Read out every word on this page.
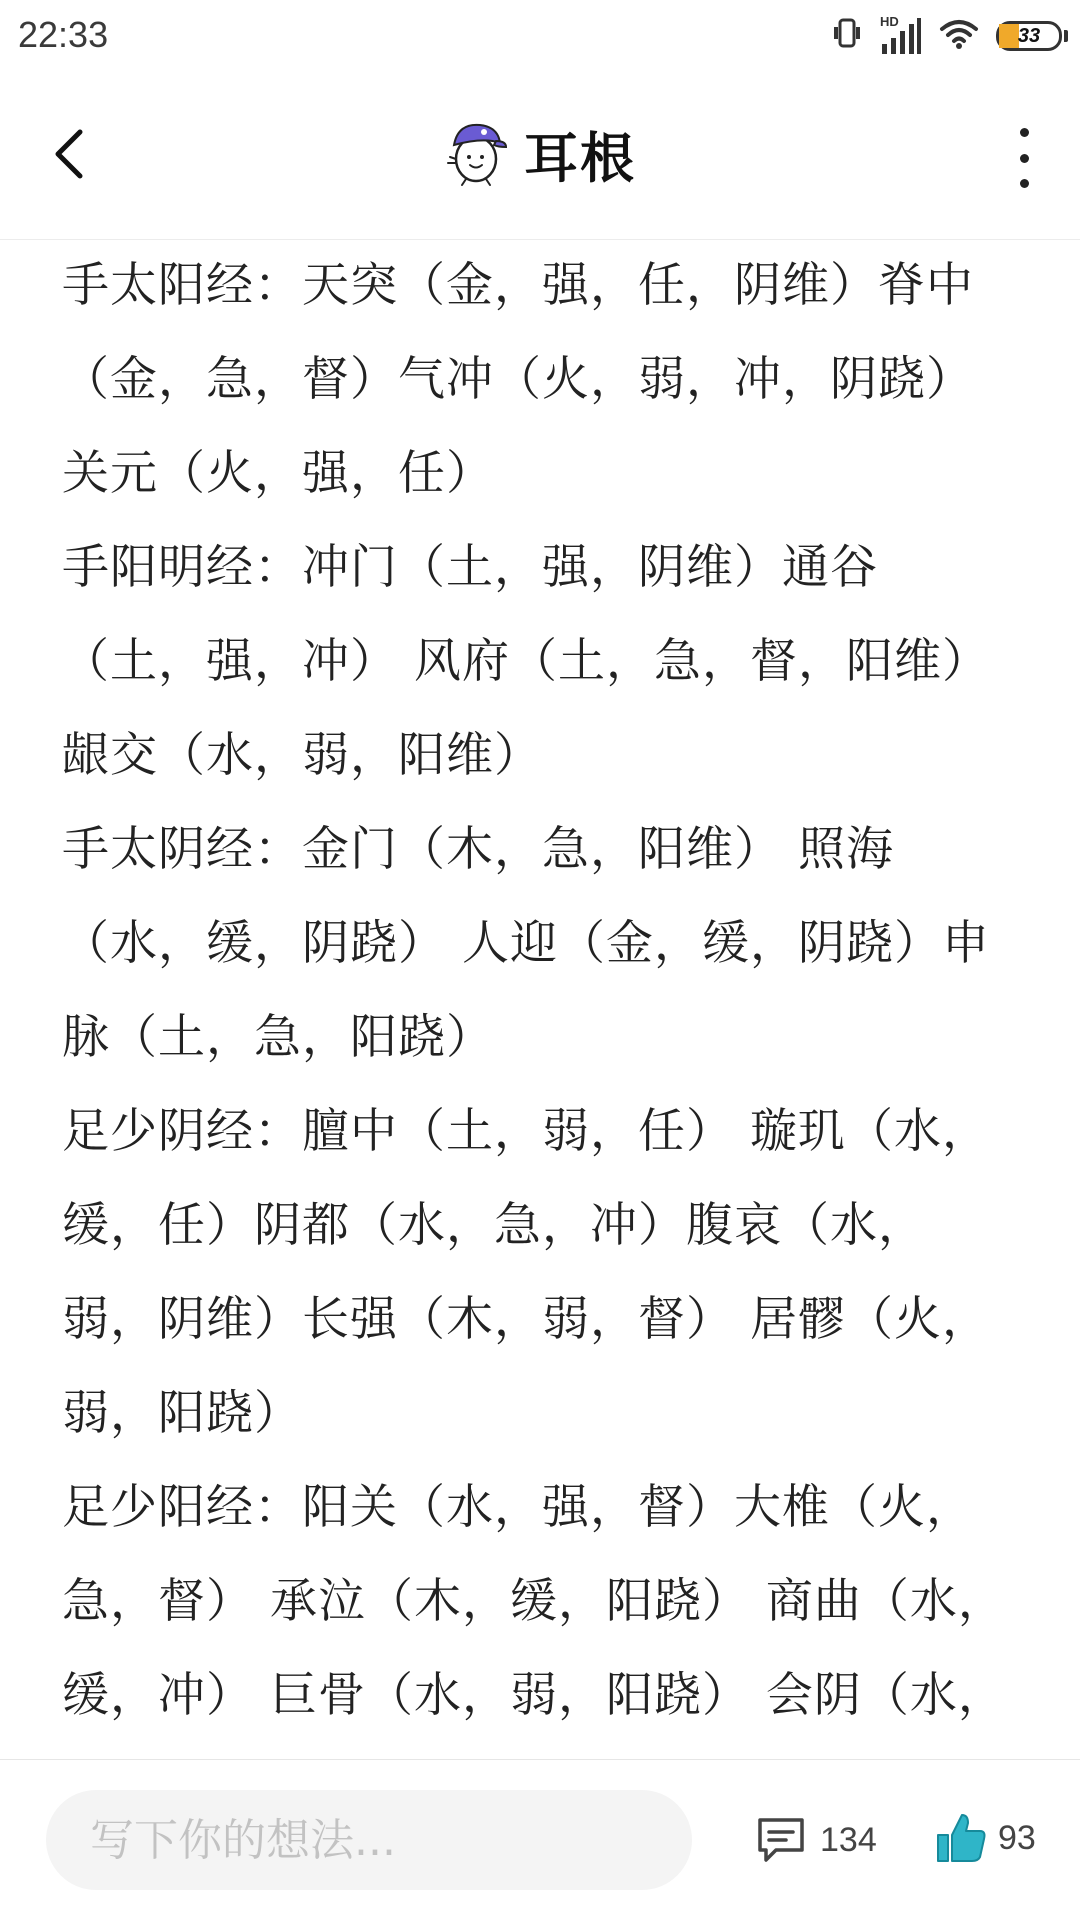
22:33	HD
33
耳根
手太阳经：天突（金，强，任，阴维）脊中（金，急，督）气冲（火，弱，冲，阴跷） 关元（火，强，任）
手阳明经：冲门（土，强，阴维）通谷（土，强，冲） 风府（土，急，督，阳维）龈交（水，弱，阳维）
手太阴经：金门（木，急，阳维） 照海（水，缓，阴跷） 人迎（金，缓，阴跷）申脉（土，急，阳跷）
足少阴经：膻中（土，弱，任） 璇玑（水，缓，任）阴都（水，急，冲）腹哀（水，弱，阴维）长强（木，弱，督） 居髎（火，弱，阳跷）
足少阳经：阳关（水，强，督）大椎（火，急，督） 承泣（木，缓，阳跷） 商曲（水，缓，冲） 巨骨（水，弱，阳跷） 会阴（水，
写下你的想法...
134	93
